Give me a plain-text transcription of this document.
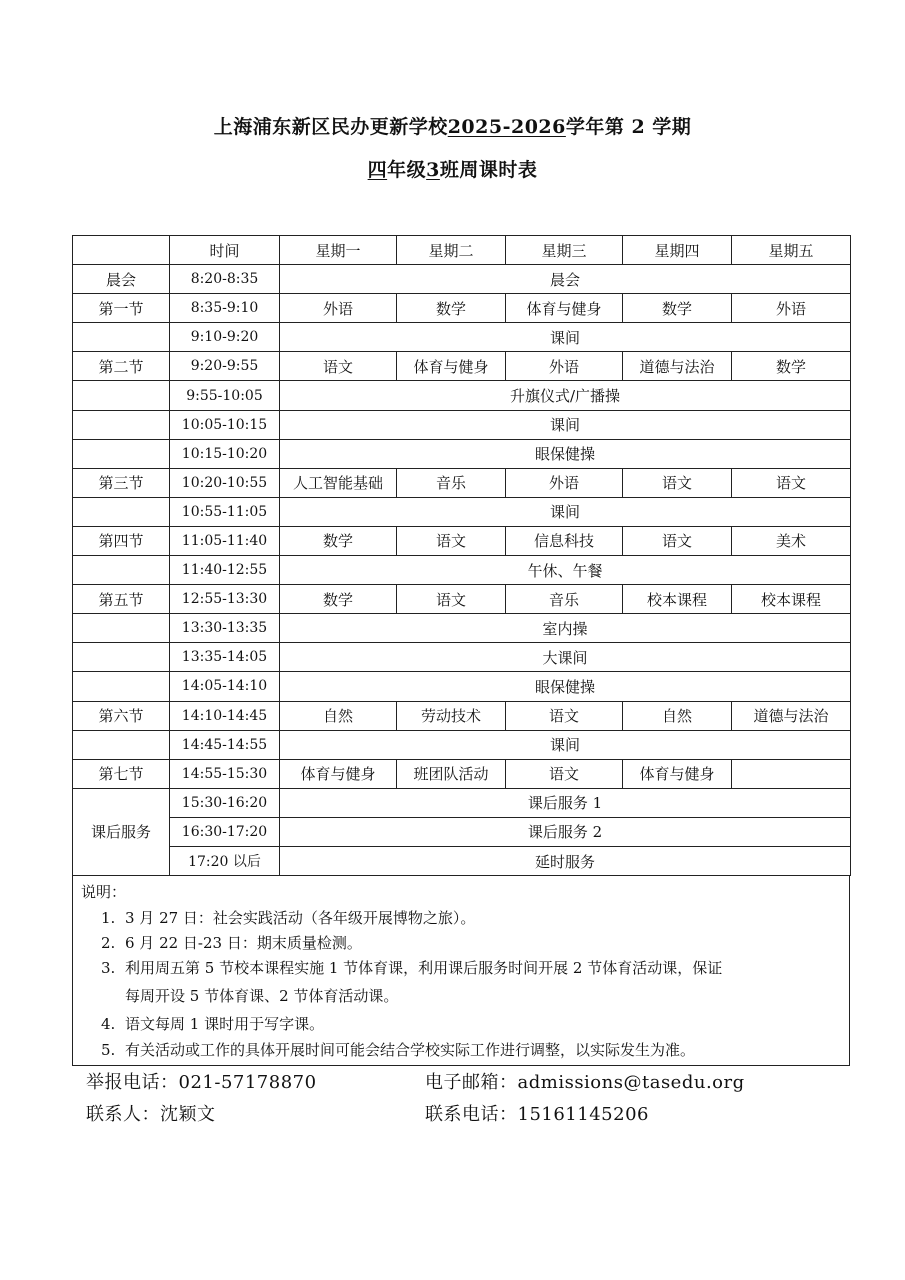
上海浦东新区民办更新学校2025-2026学年第 2 学期
四年级3班周课时表
	时间	星期一	星期二	星期三	星期四	星期五
晨会	8:20-8:35	晨会				
第一节	8:35-9:10	外语	数学	体育与健身	数学	外语
	9:10-9:20	课间				
第二节	9:20-9:55	语文	体育与健身	外语	道德与法治	数学
	9:55-10:05	升旗仪式/广播操				
	10:05-10:15	课间				
	10:15-10:20	眼保健操				
第三节	10:20-10:55	人工智能基础	音乐	外语	语文	语文
	10:55-11:05	课间				
第四节	11:05-11:40	数学	语文	信息科技	语文	美术
	11:40-12:55	午休、午餐				
第五节	12:55-13:30	数学	语文	音乐	校本课程	校本课程
	13:30-13:35	室内操				
	13:35-14:05	大课间				
	14:05-14:10	眼保健操				
第六节	14:10-14:45	自然	劳动技术	语文	自然	道德与法治
	14:45-14:55	课间				
第七节	14:55-15:30	体育与健身	班团队活动	语文	体育与健身	
课后服务	15:30-16:20	课后服务 1				
	16:30-17:20	课后服务 2				
	17:20 以后	延时服务				
说明：
1. 3 月 27 日：社会实践活动（各年级开展博物之旅）。
2. 6 月 22 日-23 日：期末质量检测。
3. 利用周五第 5 节校本课程实施 1 节体育课，利用课后服务时间开展 2 节体育活动课，保证
每周开设 5 节体育课、2 节体育活动课。
4. 语文每周 1 课时用于写字课。
5. 有关活动或工作的具体开展时间可能会结合学校实际工作进行调整，以实际发生为准。
举报电话：021-57178870	电子邮箱：admissions@tasedu.org
联系人：沈颖文	联系电话：15161145206
